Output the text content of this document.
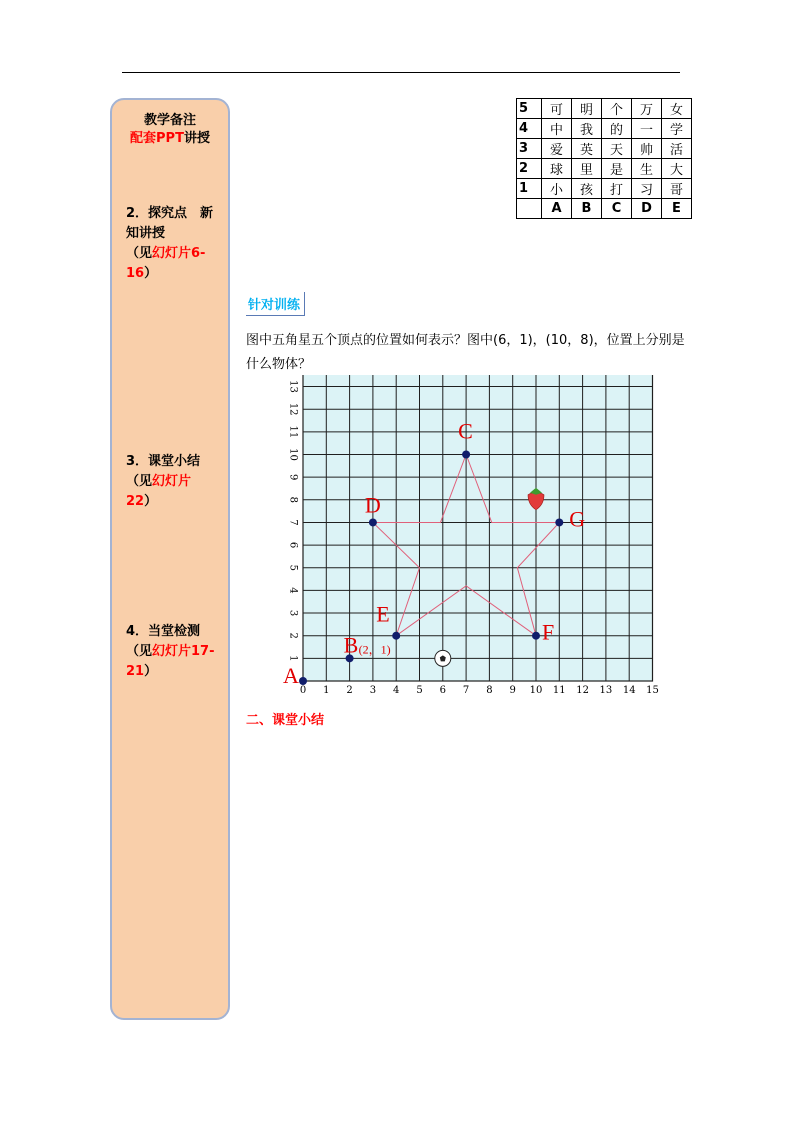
教学备注
配套PPT讲授
2．探究点　新
知讲授
（见幻灯片6-16）
3．课堂小结
（见幻灯片22）
4．当堂检测
（见幻灯片17-21）
5	可	明	个	万	女
4	中	我	的	一	学
3	爱	英	天	帅	活
2	球	里	是	生	大
1	小	孩	打	习	哥
	A	B	C	D	E
针对训练
图中五角星五个顶点的位置如何表示？图中(6，1)，(10，8)，位置上分别是什么物体？
0 1 2 3 4 5 6 7 8 9 10 11 12 13 14 15
1
2
3
4
5
6
7
8
9
10
11
12
13
A
B (2，1)
C
D
E
F
G
二、课堂小结
